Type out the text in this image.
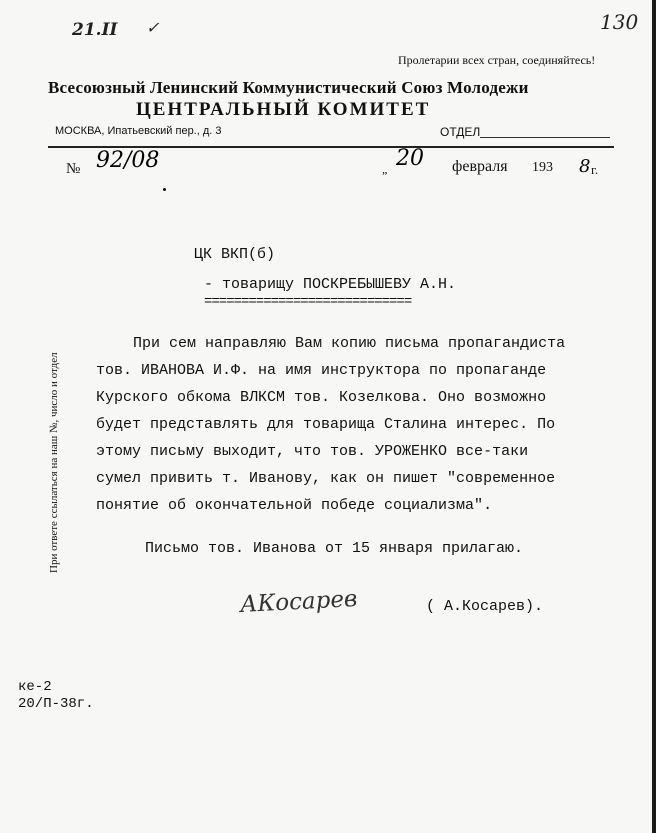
130
21.II ✓
Пролетарии всех стран, соединяйтесь!
Всесоюзный Ленинский Коммунистический Союз Молодежи
ЦЕНТРАЛЬНЫЙ КОМИТЕТ
МОСКВА, Ипатьевский пер., д. 3	ОТДЕЛ
№ 92/08	„ 20 февраля 193 8 г.
При ответе ссылаться на наш №, число и отдел
ЦК ВКП(б)
- товарищу ПОСКРЕБЫШЕВУ А.Н.
============================
При сем направляю Вам копию письма пропагандиста
тов. ИВАНОВА И.Ф. на имя инструктора по пропаганде
Курского обкома ВЛКСМ тов. Козелкова. Оно возможно
будет представлять для товарища Сталина интерес. По
этому письму выходит, что тов. УРОЖЕНКО все-таки
сумел привить т. Иванову, как он пишет "современное
понятие об окончательной победе социализма".
Письмо тов. Иванова от 15 января прилагаю.
АКосарев	( А.Косарев).
ке-2
20/П-38г.
